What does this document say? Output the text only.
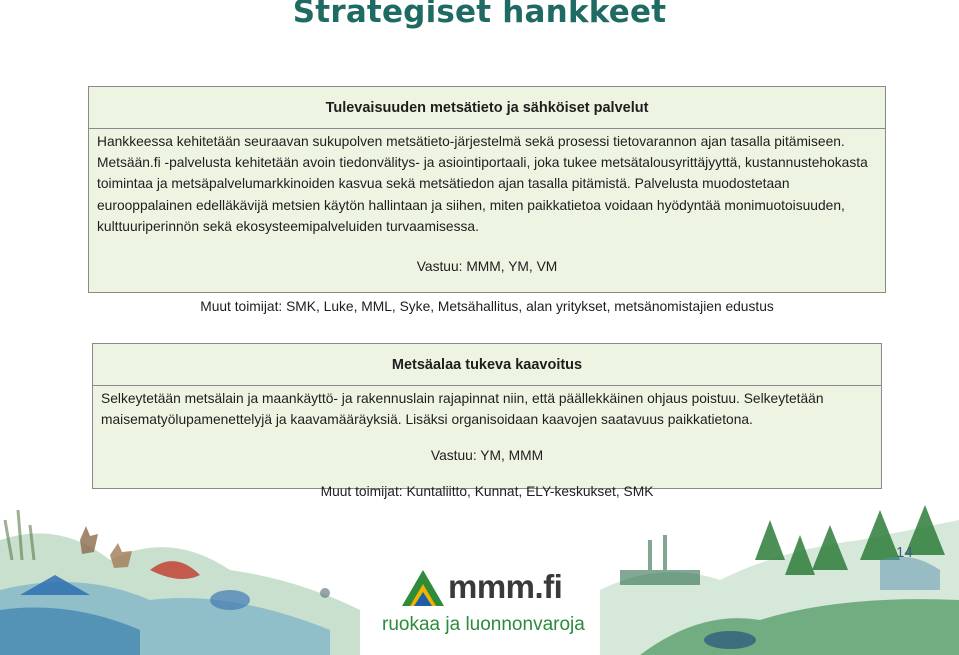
Strategiset hankkeet
Tulevaisuuden metsätieto ja sähköiset palvelut
Hankkeessa kehitetään seuraavan sukupolven metsätieto-järjestelmä sekä prosessi tietovarannon ajan tasalla pitämiseen. Metsään.fi -palvelusta kehitetään avoin tiedonvälitys- ja asiointiportaali, joka tukee metsätalousyrittäjyyttä, kustannustehokasta toimintaa ja metsäpalvelumarkkinoiden kasvua sekä metsätiedon ajan tasalla pitämistä. Palvelusta muodostetaan eurooppalainen edelläkävijä metsien käytön hallintaan ja siihen, miten paikkatietoa voidaan hyödyntää monimuotoisuuden, kulttuuriperinnön sekä ekosysteemipalveluiden turvaamisessa.
Vastuu: MMM, YM, VM
Muut toimijat: SMK, Luke, MML, Syke, Metsähallitus, alan yritykset, metsänomistajien edustus
Metsäalaa tukeva kaavoitus
Selkeytetään metsälain ja maankäyttö- ja rakennuslain rajapinnat niin, että päällekkäinen ohjaus poistuu. Selkeytetään maisematyölupamenettelyjä ja kaavamääräyksiä. Lisäksi organisoidaan kaavojen saatavuus paikkatietona.
Vastuu: YM, MMM
Muut toimijat: Kuntaliitto, Kunnat, ELY-keskukset, SMK
14
mmm.fi
ruokaa ja luonnonvaroja
